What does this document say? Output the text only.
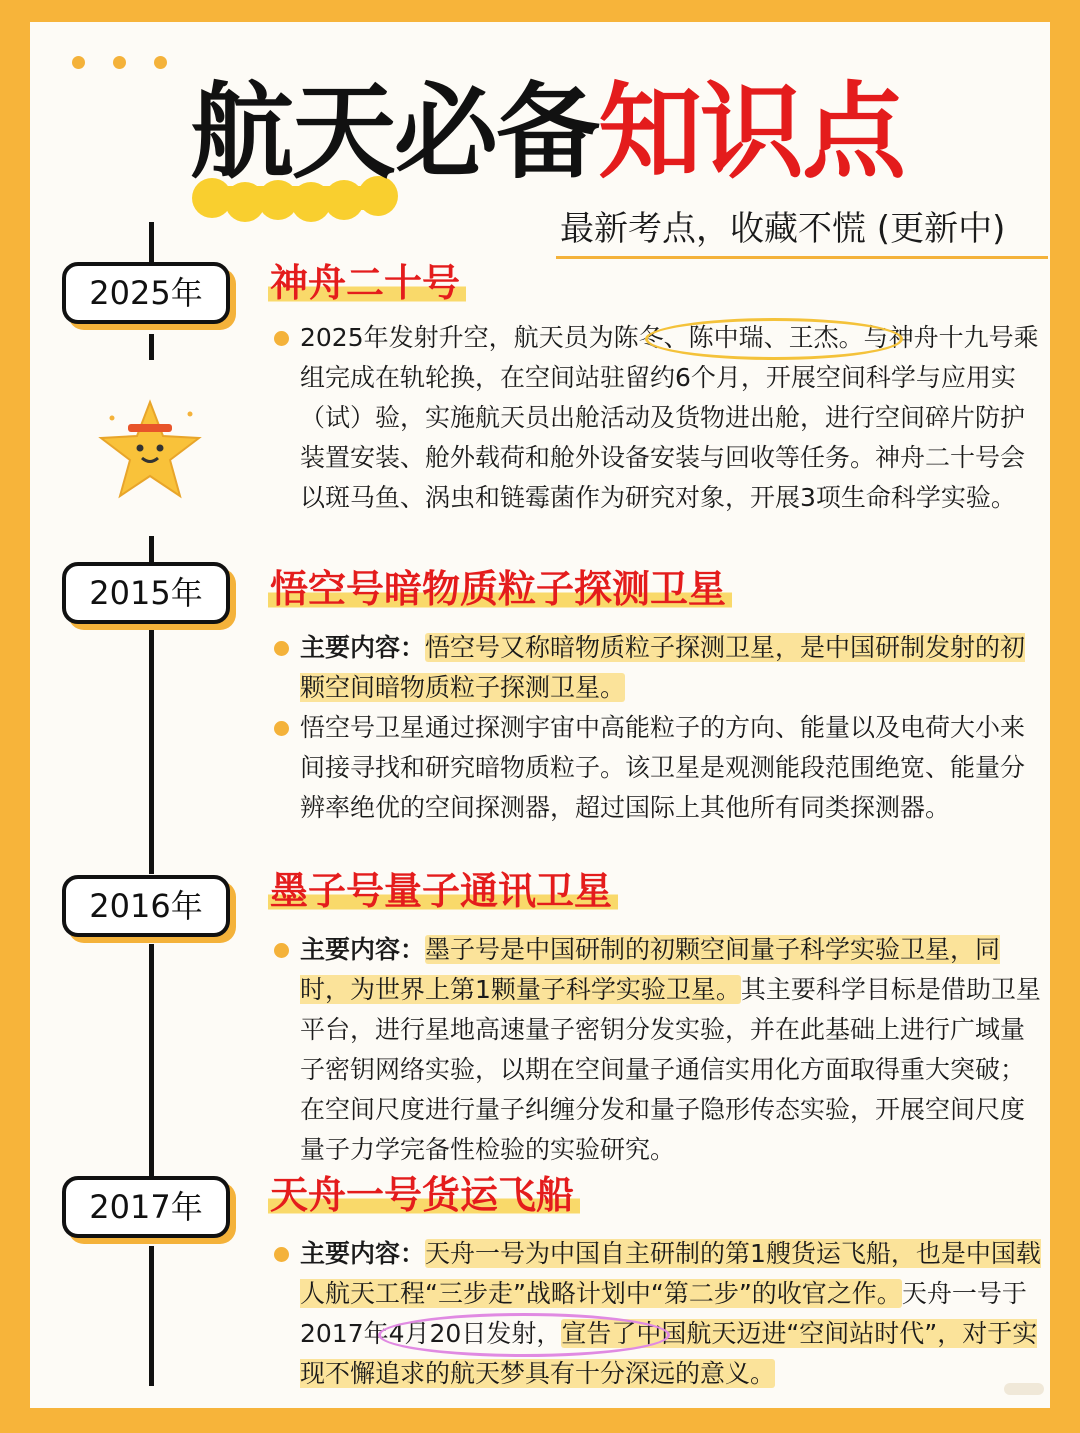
航天必备知识点

最新考点，收藏不慌 (更新中)

2025年	神舟二十号

2025年发射升空，航天员为陈冬、陈中瑞、王杰。与神舟十九号乘组完成在轨轮换，在空间站驻留约6个月，开展空间科学与应用实（试）验，实施航天员出舱活动及货物进出舱，进行空间碎片防护装置安装、舱外载荷和舱外设备安装与回收等任务。神舟二十号会以斑马鱼、涡虫和链霉菌作为研究对象，开展3项生命科学实验。

2015年	悟空号暗物质粒子探测卫星

主要内容：悟空号又称暗物质粒子探测卫星，是中国研制发射的初颗空间暗物质粒子探测卫星。

悟空号卫星通过探测宇宙中高能粒子的方向、能量以及电荷大小来间接寻找和研究暗物质粒子。该卫星是观测能段范围绝宽、能量分辨率绝优的空间探测器，超过国际上其他所有同类探测器。

2016年	墨子号量子通讯卫星

主要内容：墨子号是中国研制的初颗空间量子科学实验卫星，同时，为世界上第1颗量子科学实验卫星。其主要科学目标是借助卫星平台，进行星地高速量子密钥分发实验，并在此基础上进行广域量子密钥网络实验，以期在空间量子通信实用化方面取得重大突破；在空间尺度进行量子纠缠分发和量子隐形传态实验，开展空间尺度量子力学完备性检验的实验研究。

2017年	天舟一号货运飞船

主要内容：天舟一号为中国自主研制的第1艘货运飞船，也是中国载人航天工程“三步走”战略计划中“第二步”的收官之作。天舟一号于2017年4月20日发射，宣告了中国航天迈进“空间站时代”，对于实现不懈追求的航天梦具有十分深远的意义。
